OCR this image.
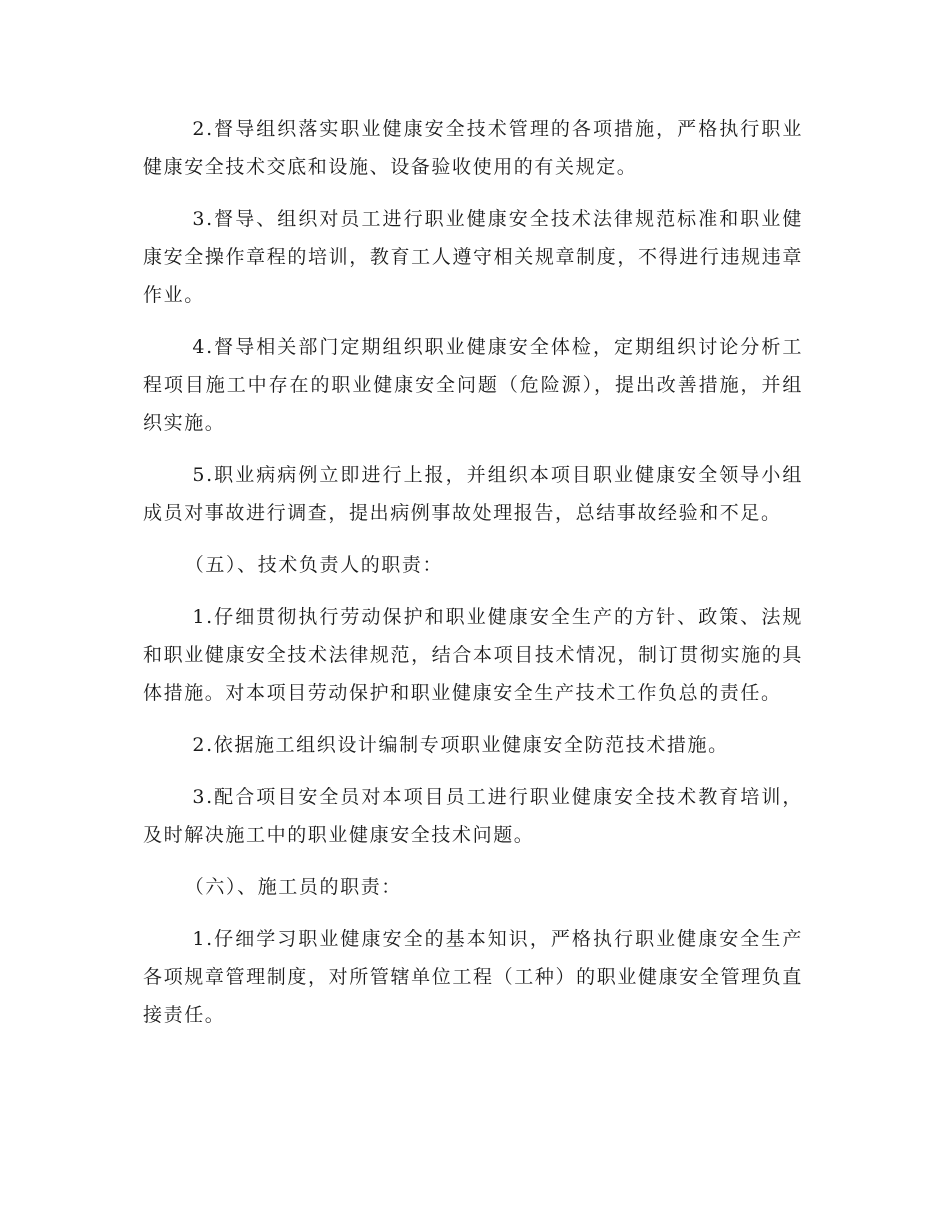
2.督导组织落实职业健康安全技术管理的各项措施，严格执行职业健康安全技术交底和设施、设备验收使用的有关规定。

3.督导、组织对员工进行职业健康安全技术法律规范标准和职业健康安全操作章程的培训，教育工人遵守相关规章制度，不得进行违规违章作业。

4.督导相关部门定期组织职业健康安全体检，定期组织讨论分析工程项目施工中存在的职业健康安全问题（危险源），提出改善措施，并组织实施。

5.职业病病例立即进行上报，并组织本项目职业健康安全领导小组成员对事故进行调查，提出病例事故处理报告，总结事故经验和不足。

（五）、技术负责人的职责：

1.仔细贯彻执行劳动保护和职业健康安全生产的方针、政策、法规和职业健康安全技术法律规范，结合本项目技术情况，制订贯彻实施的具体措施。对本项目劳动保护和职业健康安全生产技术工作负总的责任。

2.依据施工组织设计编制专项职业健康安全防范技术措施。

3.配合项目安全员对本项目员工进行职业健康安全技术教育培训，及时解决施工中的职业健康安全技术问题。

（六）、施工员的职责：

1.仔细学习职业健康安全的基本知识，严格执行职业健康安全生产各项规章管理制度，对所管辖单位工程（工种）的职业健康安全管理负直接责任。
